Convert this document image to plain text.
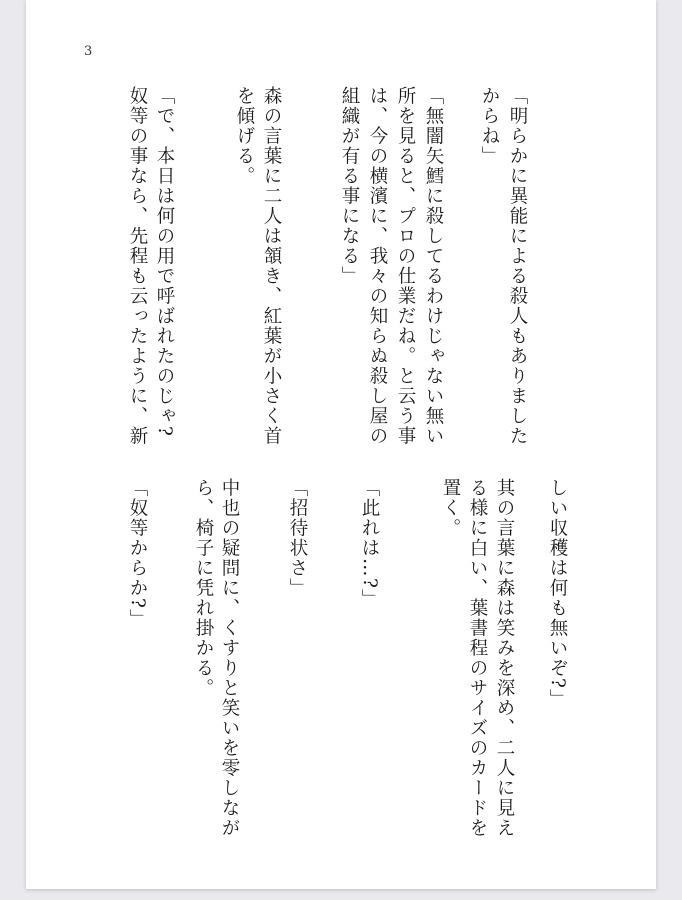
3
「明らかに異能による殺人もありました
からね」
「無闇矢鱈に殺してるわけじゃない無い
所を見ると、プロの仕業だね。と云う事
は、今の横濱に、我々の知らぬ殺し屋の
組織が有る事になる」
森の言葉に二人は頷き、紅葉が小さく首
を傾げる。
「で、本日は何の用で呼ばれたのじゃ?
奴等の事なら、先程も云ったように、新
しい収穫は何も無いぞ?」
其の言葉に森は笑みを深め、二人に見え
る様に白い、葉書程のサイズのカードを
置く。
「此れは…?」
「招待状さ」
中也の疑問に、くすりと笑いを零しなが
ら、椅子に凭れ掛かる。
「奴等からか?」
